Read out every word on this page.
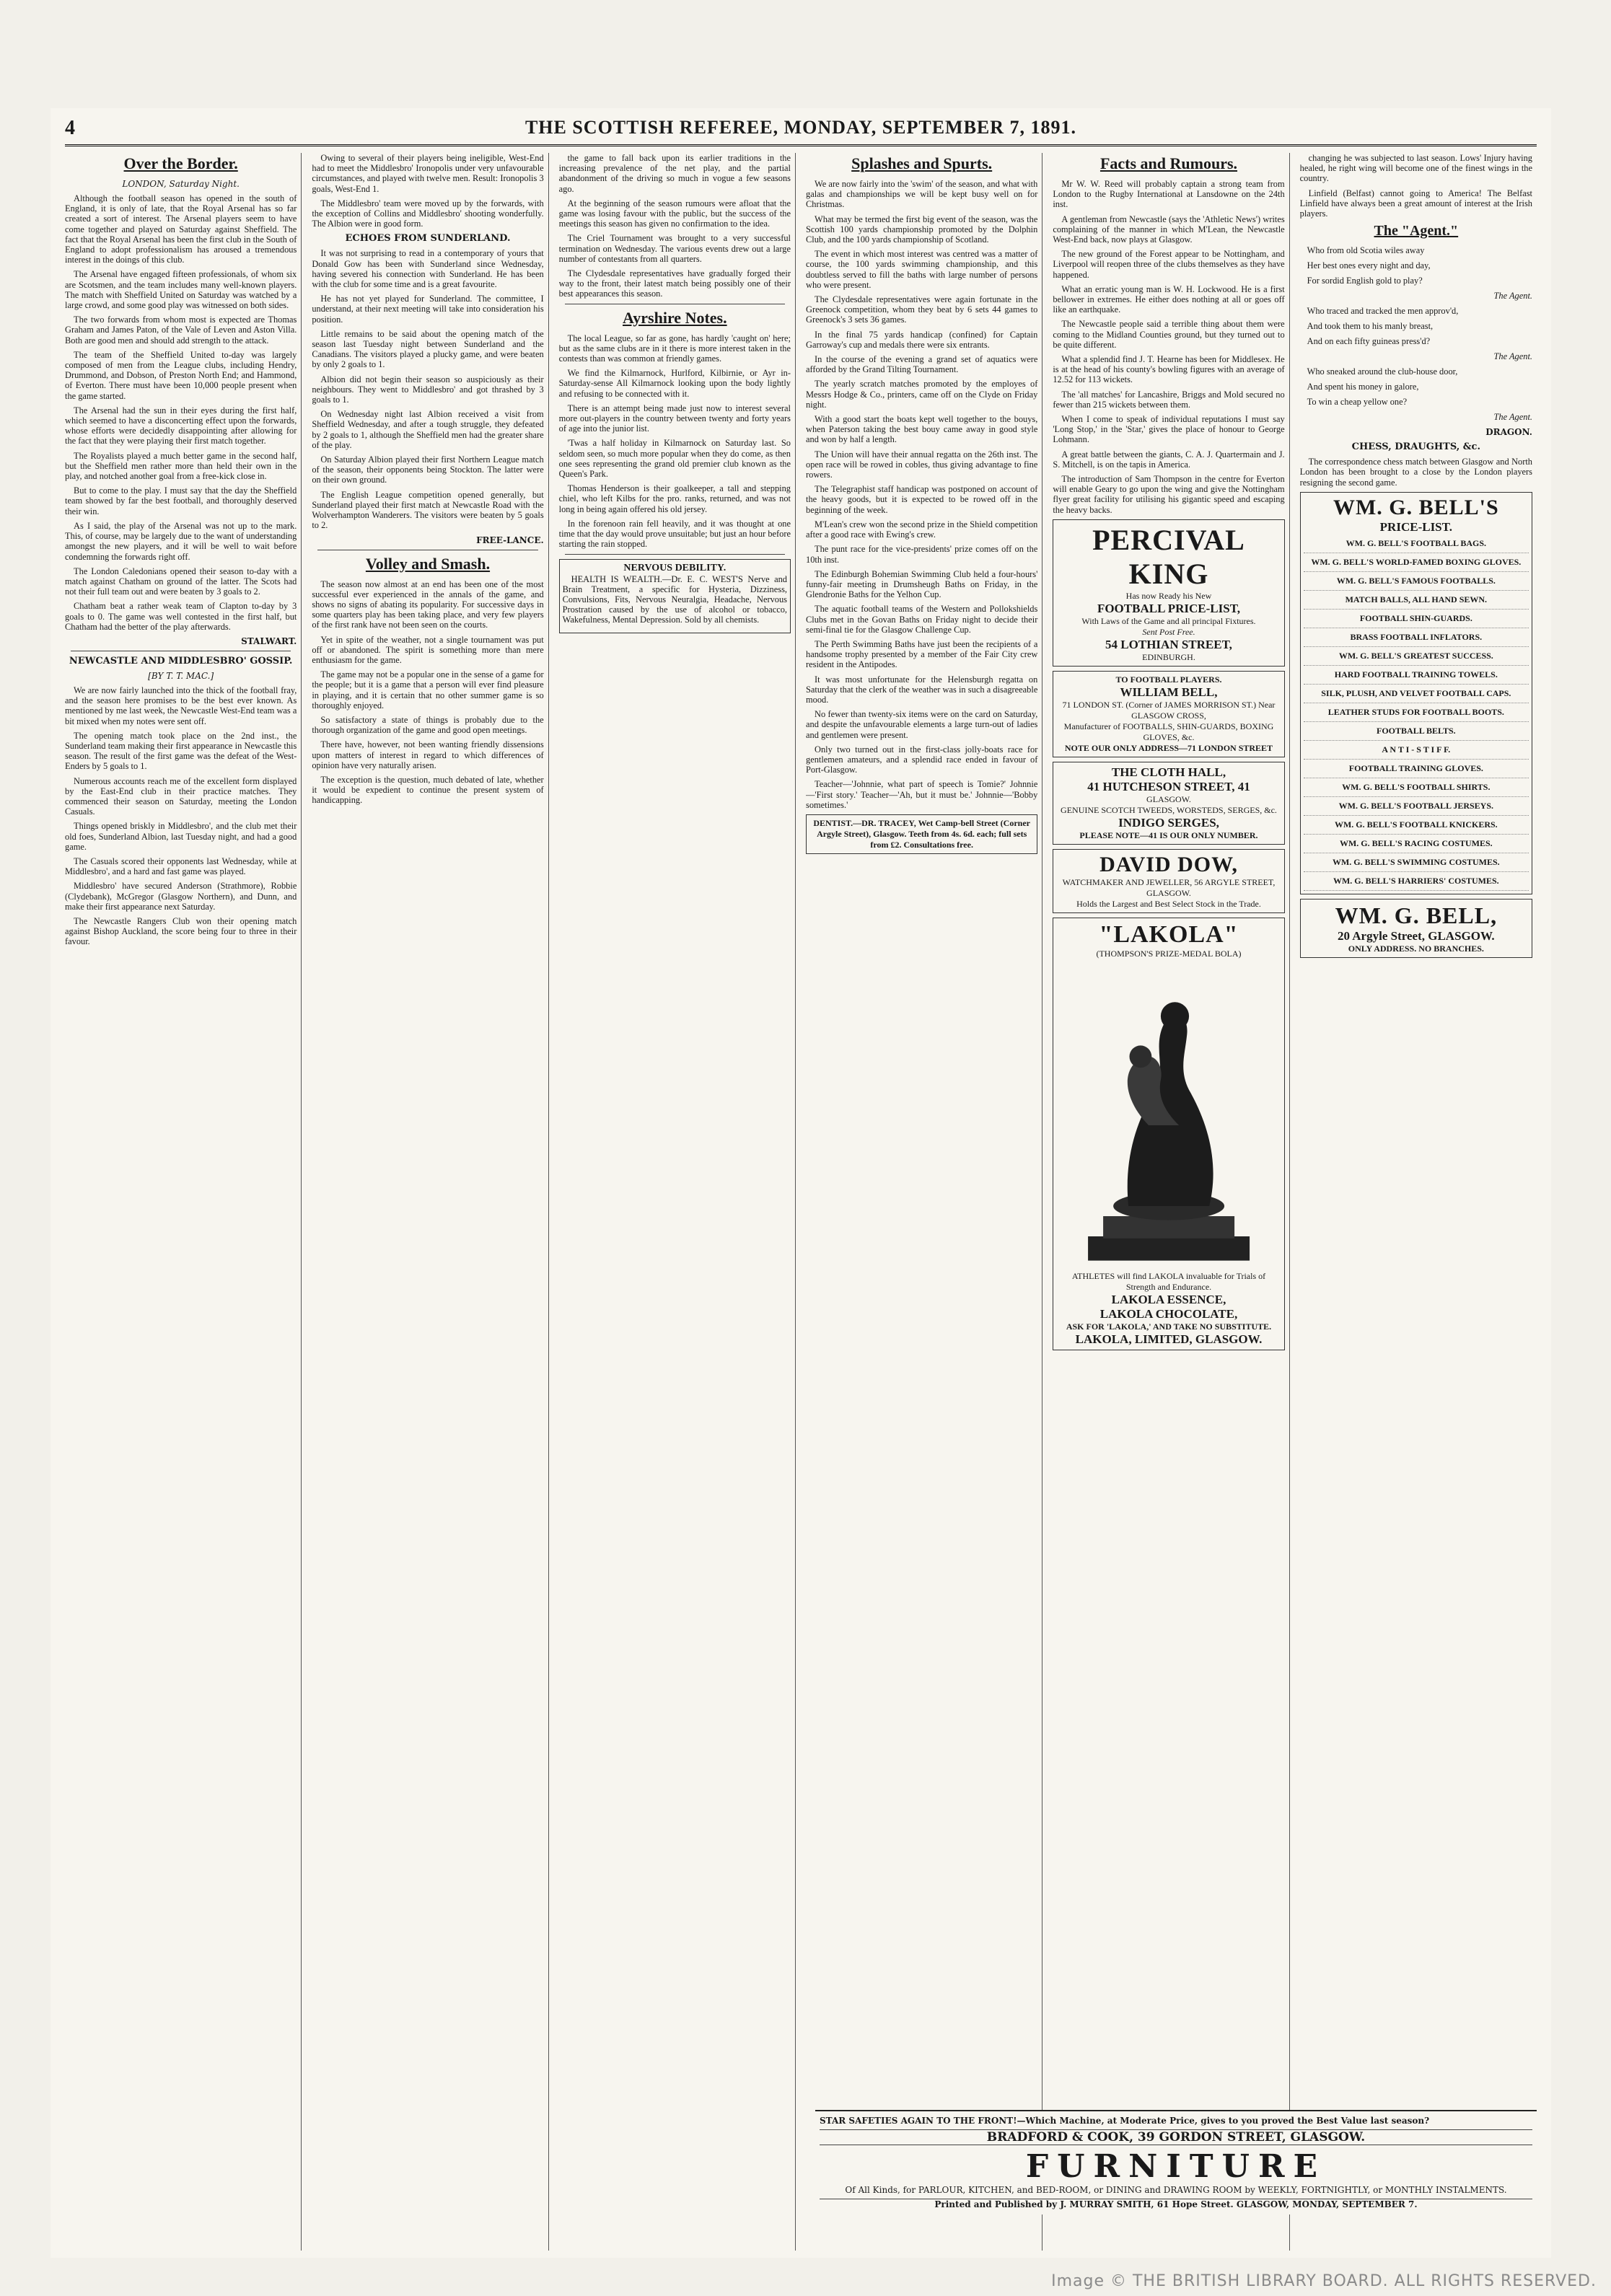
4	THE SCOTTISH REFEREE, MONDAY, SEPTEMBER 7, 1891.
Over the Border.
LONDON, Saturday Night.

Although the football season has opened in the south of England, it is only of late, that the Royal Arsenal has so far created a sort of interest. The Arsenal players seem to have come together and played on Saturday against Sheffield. The fact that the Royal Arsenal has been the first club in the South of England to adopt professionalism has aroused a tremendous interest in the doings of this club.

The Arsenal have engaged fifteen professionals, of whom six are Scotsmen, and the team includes many well-known players. The match with Sheffield United on Saturday was watched by a large crowd, and some good play was witnessed on both sides.

The two forwards from whom most is expected are Thomas Graham and James Paton, of the Vale of Leven and Aston Villa. Both are good men and should add strength to the attack.

The team of the Sheffield United to-day was largely composed of men from the League clubs, including Hendry, Drummond, and Dobson, of Preston North End; and Hammond, of Everton. There must have been 10,000 people present when the game started.

The Arsenal had the sun in their eyes during the first half, which seemed to have a disconcerting effect upon the forwards, whose efforts were decidedly disappointing after allowing for the fact that they were playing their first match together.

The Royalists played a much better game in the second half, but the Sheffield men rather more than held their own in the play, and notched another goal from a free-kick close in.

But to come to the play. I must say that the day the Sheffield team showed by far the best football, and thoroughly deserved their win.

As I said, the play of the Arsenal was not up to the mark. This, of course, may be largely due to the want of understanding amongst the new players, and it will be well to wait before condemning the forwards right off.

The London Caledonians opened their season to-day with a match against Chatham on ground of the latter. The Scots had not their full team out and were beaten by 3 goals to 2.

Chatham beat a rather weak team of Clapton to-day by 3 goals to 0. The game was well contested in the first half, but Chatham had the better of the play afterwards.

STALWART.
NEWCASTLE AND MIDDLESBRO' GOSSIP.
[BY T. T. MAC.]

We are now fairly launched into the thick of the football fray, and the season here promises to be the best ever known. As mentioned by me last week, the Newcastle West-End team was a bit mixed when my notes were sent off.

The opening match took place on the 2nd inst., the Sunderland team making their first appearance in Newcastle this season. The result of the first game was the defeat of the West-Enders by 5 goals to 1.

Numerous accounts reach me of the excellent form displayed by the East-End club in their practice matches. They commenced their season on Saturday, meeting the London Casuals.

Things opened briskly in Middlesbro', and the club met their old foes, Sunderland Albion, last Tuesday night, and had a good game.

The Casuals scored their opponents last Wednesday, while at Middlesbro', and a hard and fast game was played.

Middlesbro' have secured Anderson (Strathmore), Robbie (Clydebank), McGregor (Glasgow Northern), and Dunn, and make their first appearance next Saturday.

The Newcastle Rangers Club won their opening match against Bishop Auckland, the score being four to three in their favour.

Owing to several of their players being ineligible, West-End had to meet the Middlesbro' Ironopolis under very unfavourable circumstances, and played with twelve men. Result: Ironopolis 3 goals, West-End 1.

The Middlesbro' team were moved up by the forwards, with the exception of Collins and Middlesbro' shooting wonderfully. The Albion were in good form.

ECHOES FROM SUNDERLAND.

It was not surprising to read in a contemporary of yours that Donald Gow has been with Sunderland since Wednesday, having severed his connection with Sunderland. He has been with the club for some time and is a great favourite.

He has not yet played for Sunderland. The committee, I understand, at their next meeting will take into consideration his position.

Little remains to be said about the opening match of the season last Tuesday night between Sunderland and the Canadians. The visitors played a plucky game, and were beaten by only 2 goals to 1.

Albion did not begin their season so auspiciously as their neighbours. They went to Middlesbro' and got thrashed by 3 goals to 1.

On Wednesday night last Albion received a visit from Sheffield Wednesday, and after a tough struggle, they defeated by 2 goals to 1, although the Sheffield men had the greater share of the play.

On Saturday Albion played their first Northern League match of the season, their opponents being Stockton. The latter were on their own ground.

The English League competition opened generally, but Sunderland played their first match at Newcastle Road with the Wolverhampton Wanderers. The visitors were beaten by 5 goals to 2.

FREE-LANCE.
Volley and Smash.

The season now almost at an end has been one of the most successful ever experienced in the annals of the game, and shows no signs of abating its popularity. For successive days in some quarters play has been taking place, and very few players of the first rank have not been seen on the courts.

Yet in spite of the weather, not a single tournament was put off or abandoned. The spirit is something more than mere enthusiasm for the game.

The game may not be a popular one in the sense of a game for the people; but it is a game that a person will ever find pleasure in playing, and it is certain that no other summer game is so thoroughly enjoyed.

So satisfactory a state of things is probably due to the thorough organization of the game and good open meetings.

There have, however, not been wanting friendly dissensions upon matters of interest in regard to which differences of opinion have very naturally arisen.

The exception is the question, much debated of late, whether it would be expedient to continue the present system of handicapping.

the game to fall back upon its earlier traditions in the increasing prevalence of the net play, and the partial abandonment of the driving so much in vogue a few seasons ago.

At the beginning of the season rumours were afloat that the game was losing favour with the public, but the success of the meetings this season has given no confirmation to the idea.

The Criel Tournament was brought to a very successful termination on Wednesday. The various events drew out a large number of contestants from all quarters.

The Clydesdale representatives have gradually forged their way to the front, their latest match being possibly one of their best appearances this season.

Ayrshire Notes.

The local League, so far as gone, has hardly 'caught on' here; but as the same clubs are in it there is more interest taken in the contests than was common at friendly games.

We find the Kilmarnock, Hurlford, Kilbirnie, or Ayr in-Saturday-sense All Kilmarnock looking upon the body lightly and refusing to be connected with it.

There is an attempt being made just now to interest several more out-players in the country between twenty and forty years of age into the junior list.

'Twas a half holiday in Kilmarnock on Saturday last. So seldom seen, so much more popular when they do come, as then one sees representing the grand old premier club known as the Queen's Park.

Thomas Henderson is their goalkeeper, a tall and stepping chiel, who left Kilbs for the pro. ranks, returned, and was not long in being again offered his old jersey.

In the forenoon rain fell heavily, and it was thought at one time that the day would prove unsuitable; but just an hour before starting the rain stopped.

NERVOUS DEBILITY.

HEALTH IS WEALTH.—Dr. E. C. WEST'S Nerve and Brain Treatment, a specific for Hysteria, Dizziness, Convulsions, Fits, Nervous Neuralgia, Headache, Nervous Prostration caused by the use of alcohol or tobacco, Wakefulness, Mental Depression. Sold by all chemists.

Splashes and Spurts.

We are now fairly into the 'swim' of the season, and what with galas and championships we will be kept busy well on for Christmas.

What may be termed the first big event of the season, was the Scottish 100 yards championship promoted by the Dolphin Club, and the 100 yards championship of Scotland.

The event in which most interest was centred was a matter of course, the 100 yards swimming championship, and this doubtless served to fill the baths with large number of persons who were present.

The Clydesdale representatives were again fortunate in the Greenock competition, whom they beat by 6 sets 44 games to Greenock's 3 sets 36 games.

In the final 75 yards handicap (confined) for Captain Garroway's cup and medals there were six entrants.

In the course of the evening a grand set of aquatics were afforded by the Grand Tilting Tournament.

The yearly scratch matches promoted by the employes of Messrs Hodge & Co., printers, came off on the Clyde on Friday night.

With a good start the boats kept well together to the bouys, when Paterson taking the best bouy came away in good style and won by half a length.

The Union will have their annual regatta on the 26th inst. The open race will be rowed in cobles, thus giving advantage to fine rowers.

The Telegraphist staff handicap was postponed on account of the heavy goods, but it is expected to be rowed off in the beginning of the week.

M'Lean's crew won the second prize in the Shield competition after a good race with Ewing's crew.

The punt race for the vice-presidents' prize comes off on the 10th inst.

The Edinburgh Bohemian Swimming Club held a four-hours' funny-fair meeting in Drumsheugh Baths on Friday, in the Glendronie Baths for the Yelhon Cup.

The aquatic football teams of the Western and Pollokshields Clubs met in the Govan Baths on Friday night to decide their semi-final tie for the Glasgow Challenge Cup.

The Perth Swimming Baths have just been the recipients of a handsome trophy presented by a member of the Fair City crew resident in the Antipodes.

It was most unfortunate for the Helensburgh regatta on Saturday that the clerk of the weather was in such a disagreeable mood.

No fewer than twenty-six items were on the card on Saturday, and despite the unfavourable elements a large turn-out of ladies and gentlemen were present.

Only two turned out in the first-class jolly-boats race for gentlemen amateurs, and a splendid race ended in favour of Port-Glasgow.

Teacher—'Johnnie, what part of speech is Tomie?' Johnnie—'First story.' Teacher—'Ah, but it must be.' Johnnie—'Bobby sometimes.'

DENTIST.—DR. TRACEY, Wet Camp-bell Street (Corner Argyle Street), Glasgow. Teeth from 4s. 6d. each; full sets from £2. Consultations free.
Facts and Rumours.

Mr W. W. Reed will probably captain a strong team from London to the Rugby International at Lansdowne on the 24th inst.

A gentleman from Newcastle (says the 'Athletic News') writes complaining of the manner in which M'Lean, the Newcastle West-End back, now plays at Glasgow.

The new ground of the Forest appear to be Nottingham, and Liverpool will reopen three of the clubs themselves as they have happened.

What an erratic young man is W. H. Lockwood. He is a first bellower in extremes. He either does nothing at all or goes off like an earthquake.

The Newcastle people said a terrible thing about them were coming to the Midland Counties ground, but they turned out to be quite different.

What a splendid find J. T. Hearne has been for Middlesex. He is at the head of his county's bowling figures with an average of 12.52 for 113 wickets.

The 'all matches' for Lancashire, Briggs and Mold secured no fewer than 215 wickets between them.

When I come to speak of individual reputations I must say 'Long Stop,' in the 'Star,' gives the place of honour to George Lohmann.

A great battle between the giants, C. A. J. Quartermain and J. S. Mitchell, is on the tapis in America.

The introduction of Sam Thompson in the centre for Everton will enable Geary to go upon the wing and give the Nottingham flyer great facility for utilising his gigantic speed and escaping the heavy backs.

PERCIVAL KING
Has now Ready his New
FOOTBALL PRICE-LIST,
With Laws of the Game and all principal Fixtures.
Sent Post Free.
54 LOTHIAN STREET,
EDINBURGH.
TO FOOTBALL PLAYERS.
WILLIAM BELL,
71 LONDON ST. (Corner of JAMES MORRISON ST.) Near GLASGOW CROSS,
Manufacturer of FOOTBALLS, SHIN-GUARDS, BOXING GLOVES, &c.
NOTE OUR ONLY ADDRESS—71 LONDON STREET
THE CLOTH HALL,
41 HUTCHESON STREET, 41
GLASGOW.
GENUINE SCOTCH TWEEDS, WORSTEDS, SERGES, &c.
INDIGO SERGES,
PLEASE NOTE—41 IS OUR ONLY NUMBER.
DAVID DOW,
WATCHMAKER AND JEWELLER, 56 ARGYLE STREET, GLASGOW.
Holds the Largest and Best Select Stock in the Trade.
"LAKOLA"
(THOMPSON'S PRIZE-MEDAL BOLA)
ATHLETES will find LAKOLA invaluable for Trials of Strength and Endurance.
LAKOLA ESSENCE,
LAKOLA CHOCOLATE,
ASK FOR 'LAKOLA,' AND TAKE NO SUBSTITUTE.
LAKOLA, LIMITED, GLASGOW.

changing he was subjected to last season. Lows' Injury having healed, he right wing will become one of the finest wings in the country.

Linfield (Belfast) cannot going to America! The Belfast Linfield have always been a great amount of interest at the Irish players.

The "Agent."
Who from old Scotia wiles away
Her best ones every night and day,
For sordid English gold to play?
The Agent.
Who traced and tracked the men approv'd,
And took them to his manly breast,
And on each fifty guineas press'd?
The Agent.
Who sneaked around the club-house door,
And spent his money in galore,
To win a cheap yellow one?
The Agent.
DRAGON.
CHESS, DRAUGHTS, &c.

The correspondence chess match between Glasgow and North London has been brought to a close by the London players resigning the second game.

WM. G. BELL'S
PRICE-LIST.
WM. G. BELL'S FOOTBALL BAGS.
WM. G. BELL'S WORLD-FAMED BOXING GLOVES.
WM. G. BELL'S FAMOUS FOOTBALLS.
MATCH BALLS, ALL HAND SEWN.
FOOTBALL SHIN-GUARDS.
BRASS FOOTBALL INFLATORS.
WM. G. BELL'S GREATEST SUCCESS.
HARD FOOTBALL TRAINING TOWELS.
SILK, PLUSH, AND VELVET FOOTBALL CAPS.
LEATHER STUDS FOR FOOTBALL BOOTS.
FOOTBALL BELTS.
A N T I - S T I F F.
FOOTBALL TRAINING GLOVES.
WM. G. BELL'S FOOTBALL SHIRTS.
WM. G. BELL'S FOOTBALL JERSEYS.
WM. G. BELL'S FOOTBALL KNICKERS.
WM. G. BELL'S RACING COSTUMES.
WM. G. BELL'S SWIMMING COSTUMES.
WM. G. BELL'S HARRIERS' COSTUMES.
WM. G. BELL,
20 Argyle Street, GLASGOW.
ONLY ADDRESS. NO BRANCHES.
STAR SAFETIES AGAIN TO THE FRONT!—Which Machine, at Moderate Price, gives to you proved the Best Value last season?
BRADFORD & COOK, 39 GORDON STREET, GLASGOW.
FURNITURE
Of All Kinds, for PARLOUR, KITCHEN, and BED-ROOM, or DINING and DRAWING ROOM by WEEKLY, FORTNIGHTLY, or MONTHLY INSTALMENTS.
Printed and Published by J. MURRAY SMITH, 61 Hope Street. GLASGOW, MONDAY, SEPTEMBER 7.
Image © THE BRITISH LIBRARY BOARD. ALL RIGHTS RESERVED.
